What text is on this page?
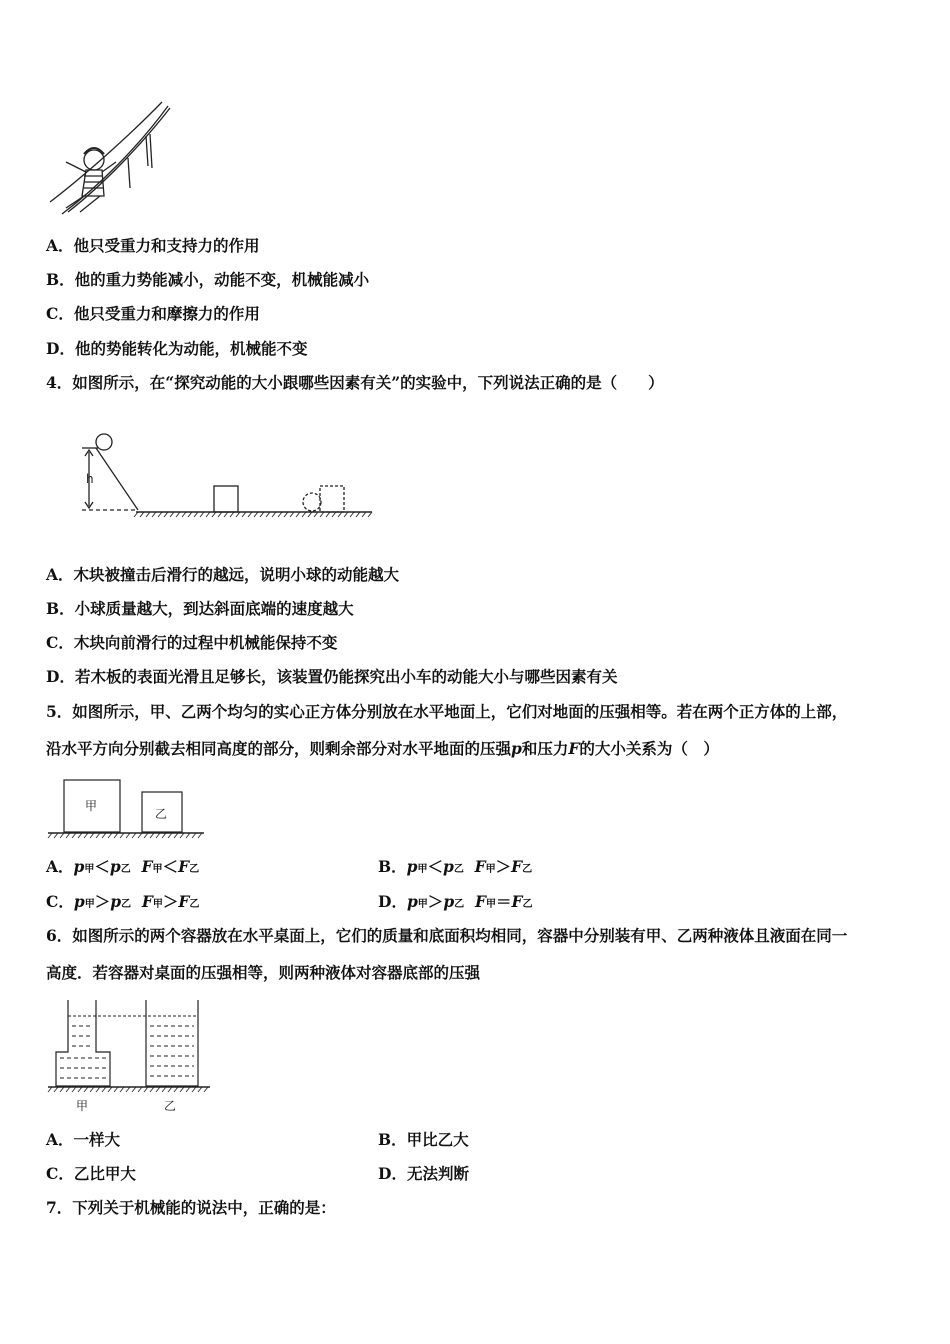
A．他只受重力和支持力的作用
B．他的重力势能减小，动能不变，机械能减小
C．他只受重力和摩擦力的作用
D．他的势能转化为动能，机械能不变
4．如图所示，在“探究动能的大小跟哪些因素有关”的实验中，下列说法正确的是（　　）
h
A．木块被撞击后滑行的越远，说明小球的动能越大
B．小球质量越大，到达斜面底端的速度越大
C．木块向前滑行的过程中机械能保持不变
D．若木板的表面光滑且足够长，该装置仍能探究出小车的动能大小与哪些因素有关
5．如图所示，甲、乙两个均匀的实心正方体分别放在水平地面上，它们对地面的压强相等。若在两个正方体的上部，
沿水平方向分别截去相同高度的部分，则剩余部分对水平地面的压强p和压力F的大小关系为（　）
甲
乙
A．p甲＜p乙 F甲＜F乙	B．p甲＜p乙 F甲＞F乙
C．p甲＞p乙 F甲＞F乙	D．p甲＞p乙 F甲＝F乙
6．如图所示的两个容器放在水平桌面上，它们的质量和底面积均相同，容器中分别装有甲、乙两种液体且液面在同一
高度．若容器对桌面的压强相等，则两种液体对容器底部的压强
甲	乙
A．一样大	B．甲比乙大
C．乙比甲大	D．无法判断
7．下列关于机械能的说法中，正确的是：
